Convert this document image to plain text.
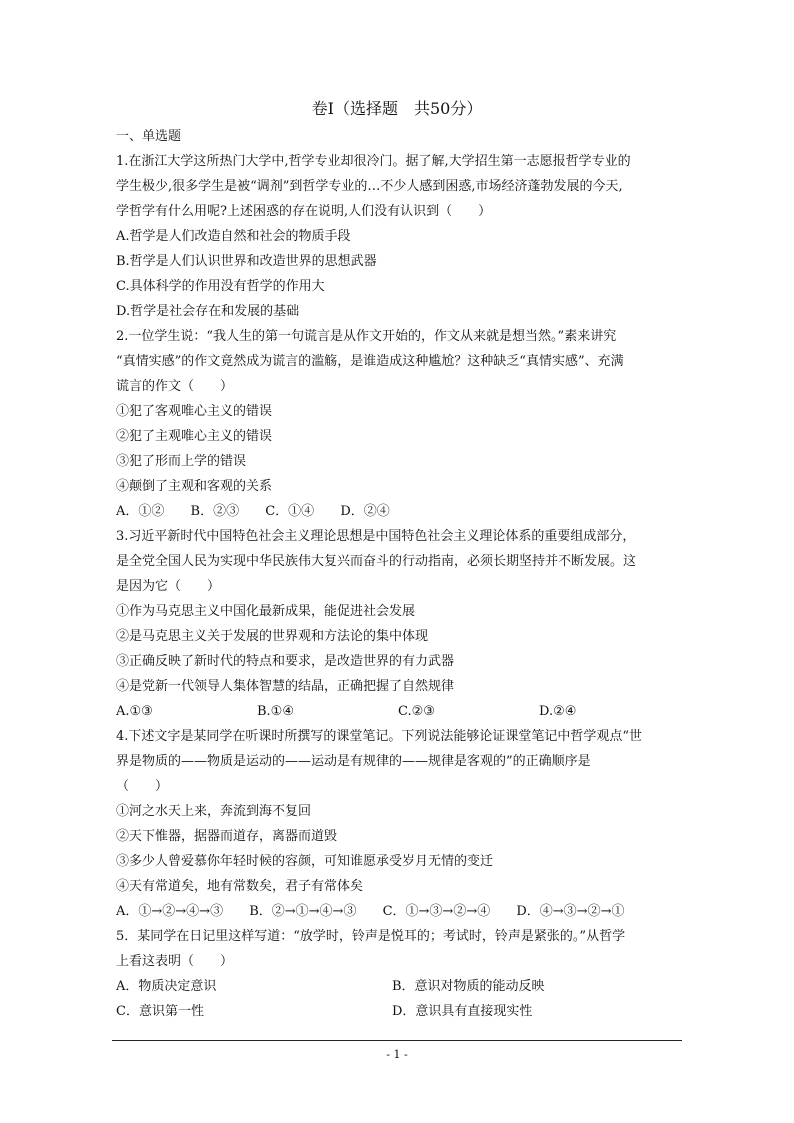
卷Ⅰ（选择题　共50分）
一、单选题
1.在浙江大学这所热门大学中,哲学专业却很冷门。据了解,大学招生第一志愿报哲学专业的
学生极少,很多学生是被“调剂”到哲学专业的…不少人感到困惑,市场经济蓬勃发展的今天,
学哲学有什么用呢?上述困惑的存在说明,人们没有认识到（　　）
A.哲学是人们改造自然和社会的物质手段
B.哲学是人们认识世界和改造世界的思想武器
C.具体科学的作用没有哲学的作用大
D.哲学是社会存在和发展的基础
2.一位学生说：“我人生的第一句谎言是从作文开始的，作文从来就是想当然。”素来讲究
“真情实感”的作文竟然成为谎言的滥觞，是谁造成这种尴尬？这种缺乏“真情实感”、充满
谎言的作文（　　）
①犯了客观唯心主义的错误
②犯了主观唯心主义的错误
③犯了形而上学的错误
④颠倒了主观和客观的关系
A．①② B．②③ C．①④ D．②④
3.习近平新时代中国特色社会主义理论思想是中国特色社会主义理论体系的重要组成部分，
是全党全国人民为实现中华民族伟大复兴而奋斗的行动指南，必须长期坚持并不断发展。这
是因为它（　　）
①作为马克思主义中国化最新成果，能促进社会发展
②是马克思主义关于发展的世界观和方法论的集中体现
③正确反映了新时代的特点和要求，是改造世界的有力武器
④是党新一代领导人集体智慧的结晶，正确把握了自然规律
A.①③	B.①④	C.②③	D.②④
4.下述文字是某同学在听课时所撰写的课堂笔记。下列说法能够论证课堂笔记中哲学观点“世
界是物质的——物质是运动的——运动是有规律的——规律是客观的”的正确顺序是
（　　）
①河之水天上来，奔流到海不复回
②天下惟器，据器而道存，离器而道毁
③多少人曾爱慕你年轻时候的容颜，可知谁愿承受岁月无情的变迁
④天有常道矣，地有常数矣，君子有常体矣
A．①→②→④→③ B．②→①→④→③ C．①→③→②→④ D．④→③→②→①
5．某同学在日记里这样写道：“放学时，铃声是悦耳的；考试时，铃声是紧张的。”从哲学
上看这表明（　　）
A．物质决定意识	B．意识对物质的能动反映
C．意识第一性	D．意识具有直接现实性
- 1 -
